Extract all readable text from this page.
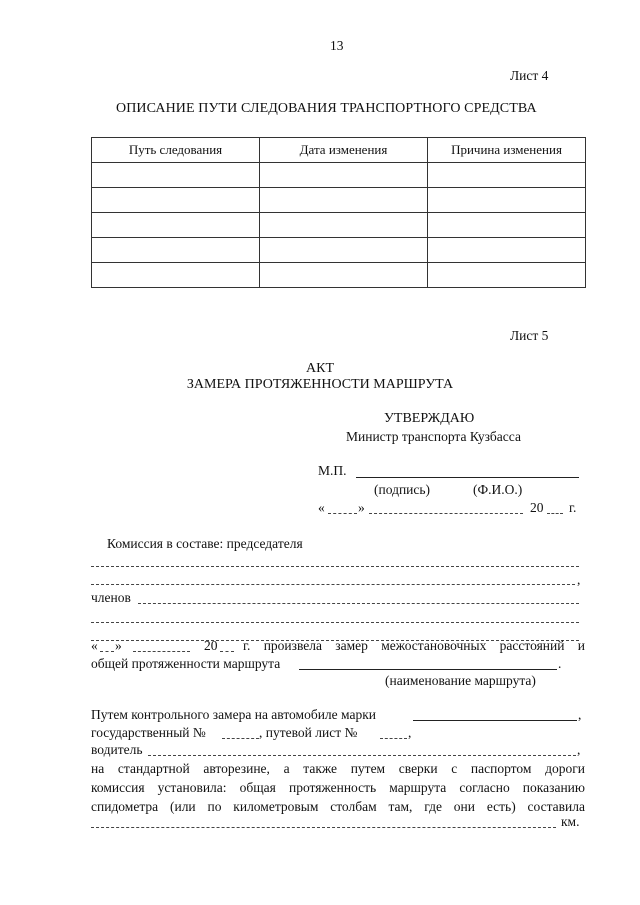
13
Лист 4
ОПИСАНИЕ ПУТИ СЛЕДОВАНИЯ ТРАНСПОРТНОГО СРЕДСТВА
Путь следования	Дата изменения	Причина изменения

Лист 5
АКТ
ЗАМЕРА ПРОТЯЖЕННОСТИ МАРШРУТА
УТВЕРЖДАЮ
Министр транспорта Кузбасса
М.П.
(подпись)	(Ф.И.О.)
« »	20 г.
Комиссия в составе: председателя
,
членов
« »	20 г. произвела замер межостановочных расстояний и
общей протяженности маршрута	.
(наименование маршрута)
Путем контрольного замера на автомобиле марки	,
государственный №	, путевой лист №	,
водитель	,
на стандартной авторезине, а также путем сверки с паспортом дороги
комиссия установила: общая протяженность маршрута согласно показанию
спидометра (или по километровым столбам там, где они есть) составила
км.
